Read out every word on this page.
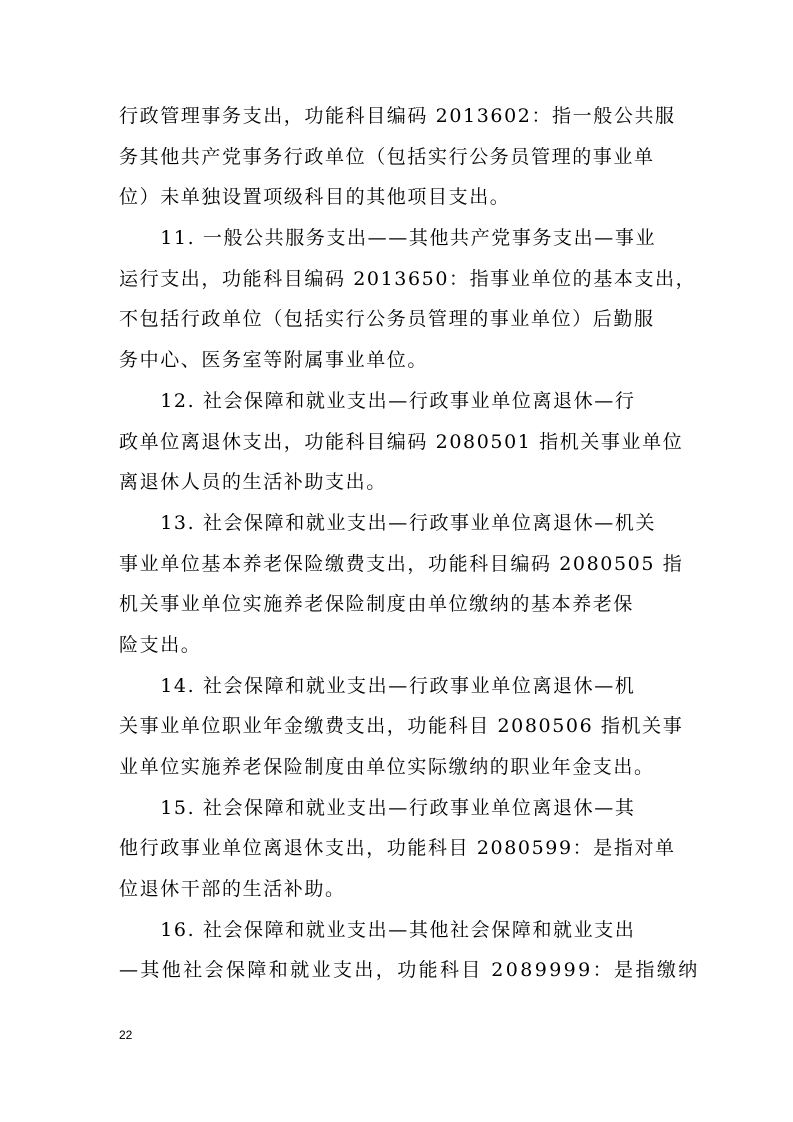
行政管理事务支出，功能科目编码 2013602：指一般公共服
务其他共产党事务行政单位（包括实行公务员管理的事业单
位）未单独设置项级科目的其他项目支出。
　　11. 一般公共服务支出——其他共产党事务支出—事业
运行支出，功能科目编码 2013650：指事业单位的基本支出，
不包括行政单位（包括实行公务员管理的事业单位）后勤服
务中心、医务室等附属事业单位。
　　12. 社会保障和就业支出—行政事业单位离退休—行
政单位离退休支出，功能科目编码 2080501 指机关事业单位
离退休人员的生活补助支出。
　　13. 社会保障和就业支出—行政事业单位离退休—机关
事业单位基本养老保险缴费支出，功能科目编码 2080505 指
机关事业单位实施养老保险制度由单位缴纳的基本养老保
险支出。
　　14. 社会保障和就业支出—行政事业单位离退休—机
关事业单位职业年金缴费支出，功能科目 2080506 指机关事
业单位实施养老保险制度由单位实际缴纳的职业年金支出。
　　15. 社会保障和就业支出—行政事业单位离退休—其
他行政事业单位离退休支出，功能科目 2080599：是指对单
位退休干部的生活补助。
　　16. 社会保障和就业支出—其他社会保障和就业支出
—其他社会保障和就业支出，功能科目 2089999：是指缴纳
22
